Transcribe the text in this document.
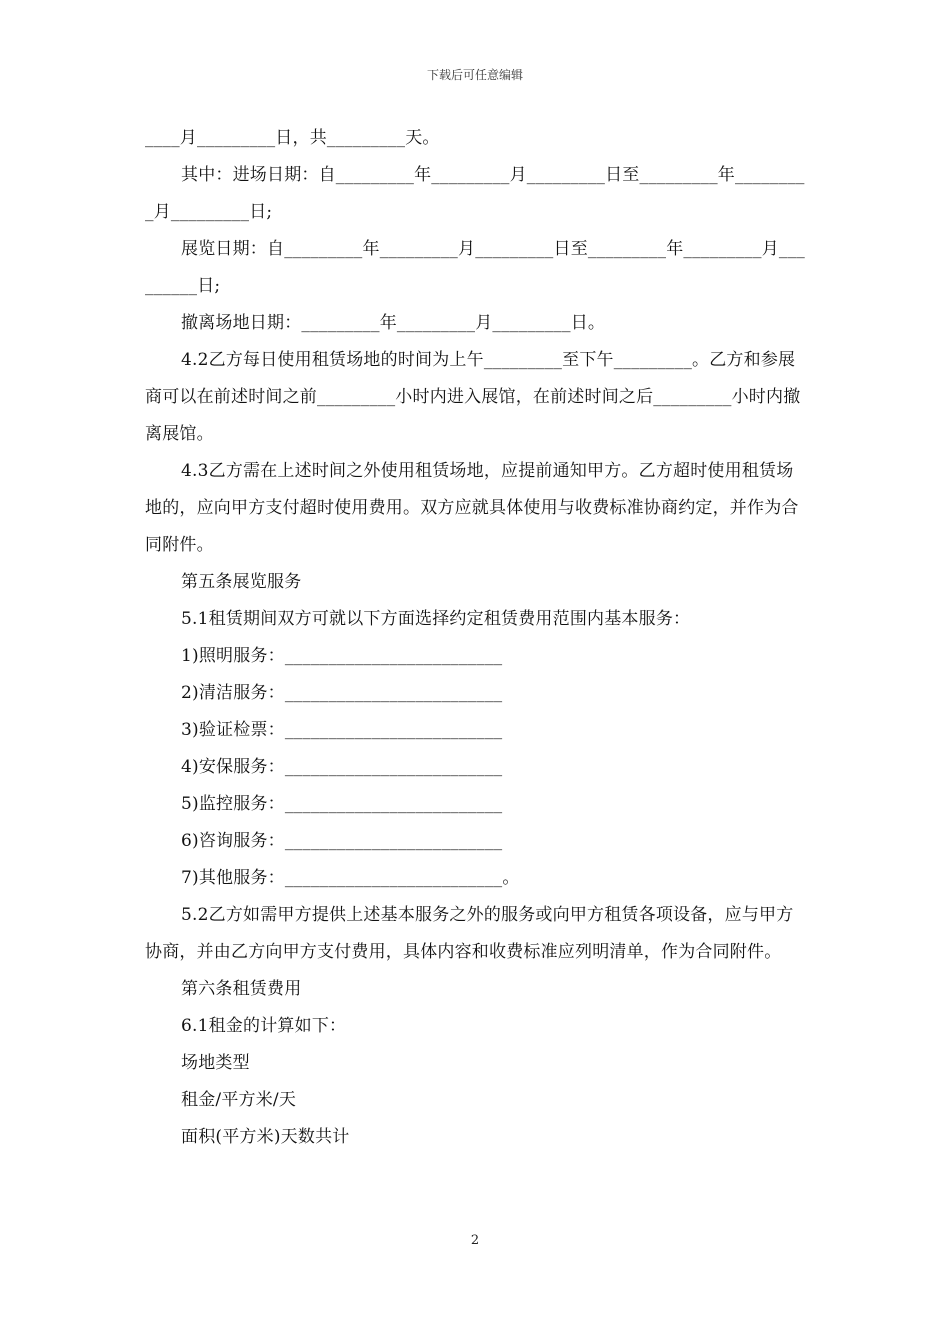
下载后可任意编辑

____月_________日，共_________天。

其中：进场日期：自_________年_________月_________日至_________年_________月_________日;

展览日期：自_________年_________月_________日至_________年_________月_________日;

撤离场地日期：_________年_________月_________日。

4.2乙方每日使用租赁场地的时间为上午_________至下午_________。乙方和参展商可以在前述时间之前_________小时内进入展馆，在前述时间之后_________小时内撤离展馆。

4.3乙方需在上述时间之外使用租赁场地，应提前通知甲方。乙方超时使用租赁场地的，应向甲方支付超时使用费用。双方应就具体使用与收费标准协商约定，并作为合同附件。

第五条展览服务

5.1租赁期间双方可就以下方面选择约定租赁费用范围内基本服务：

1)照明服务：_________________________

2)清洁服务：_________________________

3)验证检票：_________________________

4)安保服务：_________________________

5)监控服务：_________________________

6)咨询服务：_________________________

7)其他服务：_________________________。

5.2乙方如需甲方提供上述基本服务之外的服务或向甲方租赁各项设备，应与甲方协商，并由乙方向甲方支付费用，具体内容和收费标准应列明清单，作为合同附件。

第六条租赁费用

6.1租金的计算如下：

场地类型

租金/平方米/天

面积(平方米)天数共计

2
